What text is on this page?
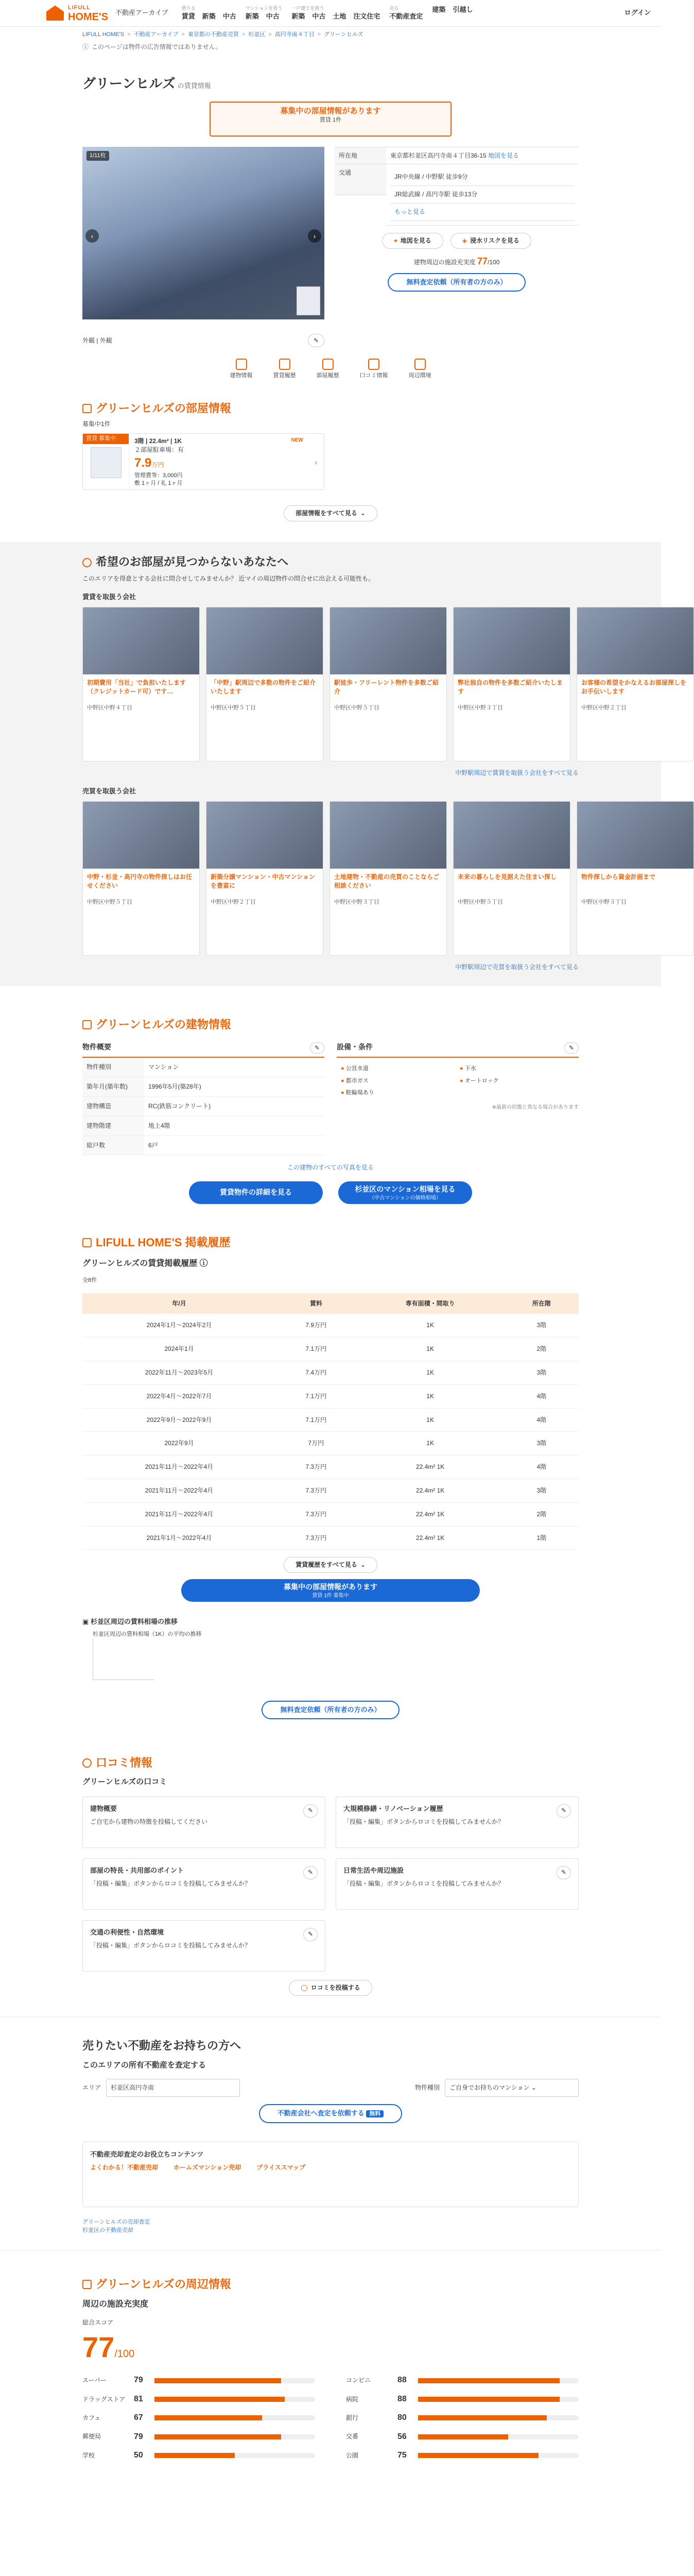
LIFULL
HOME'S 不動産アーカイブ
借りる
賃貸 新築 中古
マンションを買う
新築 中古
一戸建てを買う
新築 中古 土地 注文住宅
売る
不動産査定
建築 引越し	ログイン
LIFULL HOME'S > 不動産アーカイブ > 東京都の不動産売買 > 杉並区 > 高円寺南４丁目 > グリーンヒルズ
ⓘ このページは物件の広告情報ではありません。
グリーンヒルズ の賃貸情報
募集中の部屋情報があります
賃貸 1件
1/11枚
‹	›
外観 | 外観	✎
所在地	東京都杉並区高円寺南４丁目36-15 地図を見る
交通
JR中央線 / 中野駅 徒歩9分
JR総武線 / 高円寺駅 徒歩13分
もっと見る
⌖ 地図を見る	◈ 浸水リスクを見る
建物周辺の施設充実度 77/100
無料査定依頼（所有者の方のみ）
建物情報	賃貸履歴	部屋履歴	口コミ情報	周辺環境
グリーンヒルズの部屋情報
募集中1件
賃貸 募集中	3階 | 22.4m² | 1K	NEW
２部屋駐車場：有
7.9万円
管理費等：3,000円
敷 1ヶ月 / 礼 1ヶ月
›
部屋情報をすべて見る ⌄
希望のお部屋が見つからないあなたへ
このエリアを得意とする会社に問合せしてみませんか？ 近マイの周辺物件の問合せに出会える可能性も。
賃貸を取扱う会社
初期費用「当社」で負担いたします（クレジットカード可）です…
中野区中野４丁目
「中野」駅周辺で多数の物件をご紹介いたします
中野区中野５丁目
駅徒歩・フリーレント物件を多数ご紹介
中野区中野５丁目
弊社独自の物件を多数ご紹介いたします
中野区中野３丁目
お客様の希望をかなえるお部屋探しをお手伝いします
中野区中野２丁目
中野駅周辺で賃貸を取扱う会社をすべて見る
売買を取扱う会社
中野・杉並・高円寺の物件探しはお任せください
中野区中野５丁目
新築分譲マンション・中古マンションを豊富に
中野区中野２丁目
土地建物・不動産の売買のことならご相談ください
中野区中野３丁目
未来の暮らしを見据えた住まい探し
中野区中野５丁目
物件探しから資金計画まで
中野区中野３丁目
中野駅周辺で売買を取扱う会社をすべて見る
グリーンヒルズの建物情報
物件概要	✎
物件種別	マンション
築年月(築年数)	1996年5月(築28年)
建物構造	RC(鉄筋コンクリート)
建物階建	地上4階
総戸数	6戸
設備・条件	✎
● 公営水道	● 下水
● 都市ガス	● オートロック
● 駐輪場あり
※最新の状態と異なる場合があります
この建物のすべての写真を見る
賃貸物件の詳細を見る	杉並区のマンション相場を見る
（中古マンションの価格相場）
LIFULL HOME'S 掲載履歴
グリーンヒルズの賃貸掲載履歴 ⓘ
全8件
年/月	賃料	専有面積・間取り	所在階
2024年1月〜2024年2月	7.9万円	1K	3階
2024年1月	7.1万円	1K	2階
2022年11月〜2023年5月	7.4万円	1K	3階
2022年4月〜2022年7月	7.1万円	1K	4階
2022年9月〜2022年9月	7.1万円	1K	4階
2022年9月	7万円	1K	3階
2021年11月〜2022年4月	7.3万円	22.4m² 1K	4階
2021年11月〜2022年4月	7.3万円	22.4m² 1K	3階
2021年11月〜2022年4月	7.3万円	22.4m² 1K	2階
2021年1月〜2022年4月	7.3万円	22.4m² 1K	1階
賃貸履歴をすべて見る ⌄
募集中の部屋情報があります
賃貸 1件 募集中
▣ 杉並区周辺の賃料相場の推移
杉並区周辺の賃料相場（1K）の平均の推移
無料査定依頼（所有者の方のみ）
口コミ情報
グリーンヒルズの口コミ
建物概要	✎
ご自宅から建物の特徴を投稿してください
大規模修繕・リノベーション履歴	✎
「投稿・編集」ボタンからロコミを投稿してみませんか？
部屋の特長・共用部のポイント	✎
「投稿・編集」ボタンからロコミを投稿してみませんか？
日常生活や周辺施設	✎
「投稿・編集」ボタンからロコミを投稿してみませんか？
交通の利便性・自然環境	✎
「投稿・編集」ボタンからロコミを投稿してみませんか？
◯ ロコミを投稿する
売りたい不動産をお持ちの方へ
このエリアの所有不動産を査定する
エリア	杉並区高円寺南	物件種別	ご自身でお持ちのマンション ⌄
不動産会社へ査定を依頼する 無料
不動産売却査定のお役立ちコンテンツ
よくわかる！不動産売却	ホームズマンション売却	プライススマップ
グリーンヒルズの売却査定
杉並区の不動産売却
グリーンヒルズの周辺情報
周辺の施設充実度
総合スコア
77/100
スーパー	79	コンビニ	88
ドラッグストア	81	病院	88
カフェ	67	銀行	80
郵便局	79	交番	56
学校	50	公園	75
